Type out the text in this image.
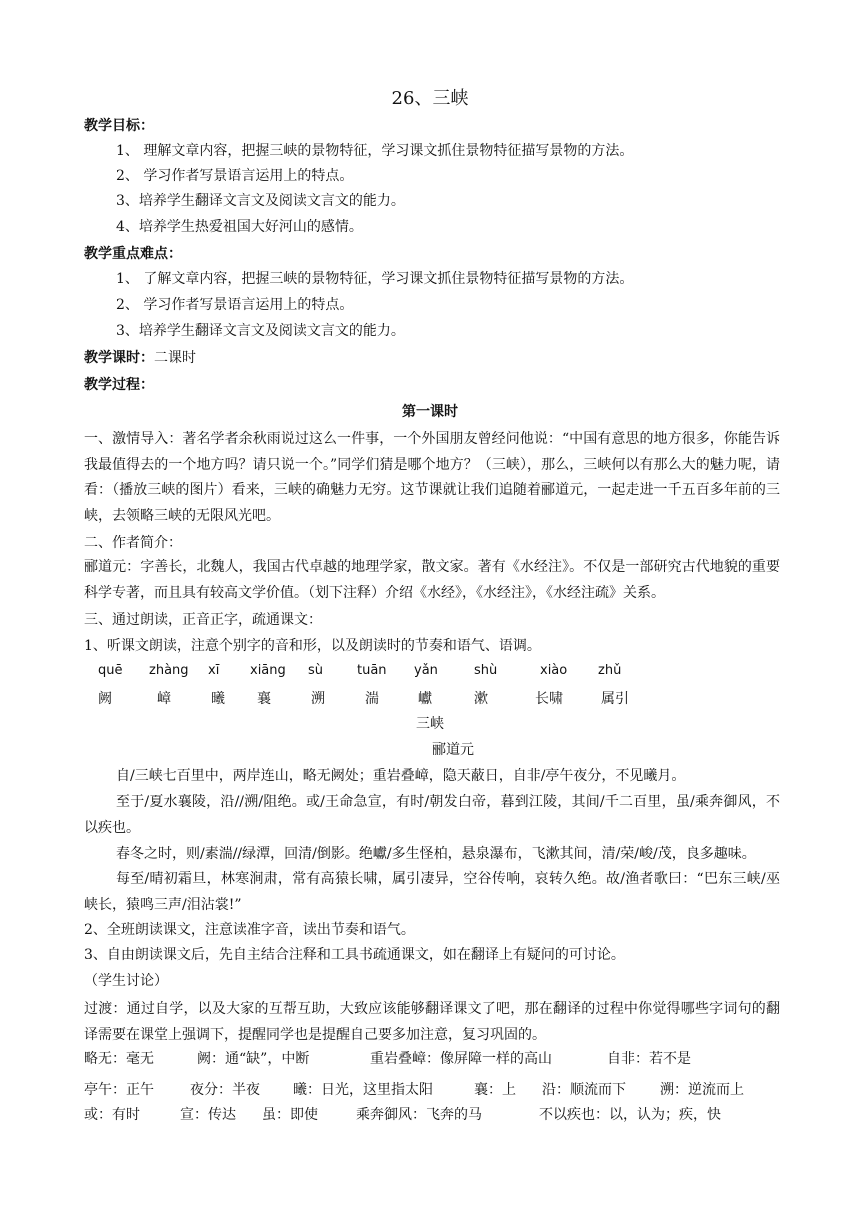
26、三峡
教学目标：
1、 理解文章内容，把握三峡的景物特征，学习课文抓住景物特征描写景物的方法。
2、 学习作者写景语言运用上的特点。
3、培养学生翻译文言文及阅读文言文的能力。
4、培养学生热爱祖国大好河山的感情。
教学重点难点：
1、 了解文章内容，把握三峡的景物特征，学习课文抓住景物特征描写景物的方法。
2、 学习作者写景语言运用上的特点。
3、培养学生翻译文言文及阅读文言文的能力。
教学课时：二课时
教学过程：
第一课时
一、激情导入：著名学者余秋雨说过这么一件事，一个外国朋友曾经问他说：“中国有意思的地方很多，你能告诉我最值得去的一个地方吗？请只说一个。”同学们猜是哪个地方？（三峡），那么，三峡何以有那么大的魅力呢，请看：（播放三峡的图片）看来，三峡的确魅力无穷。这节课就让我们追随着郦道元，一起走进一千五百多年前的三峡，去领略三峡的无限风光吧。
二、作者简介：
郦道元：字善长，北魏人，我国古代卓越的地理学家，散文家。著有《水经注》。不仅是一部研究古代地貌的重要科学专著，而且具有较高文学价值。（划下注释）介绍《水经》，《水经注》，《水经注疏》关系。
三、通过朗读，正音正字，疏通课文：
1、听课文朗读，注意个别字的音和形，以及朗读时的节奏和语气、语调。
quē zhàng xī xiāng sù	tuān yǎn	shù	xiào zhǔ
阙	嶂	曦 襄	溯	湍	巘	漱	长啸	属引
三峡
郦道元
自/三峡七百里中，两岸连山，略无阙处；重岩叠嶂，隐天蔽日，自非/亭午夜分，不见曦月。
至于/夏水襄陵，沿//溯/阻绝。或/王命急宣，有时/朝发白帝，暮到江陵，其间/千二百里，虽/乘奔御风，不以疾也。
春冬之时，则/素湍//绿潭，回清/倒影。绝巘/多生怪柏，悬泉瀑布，飞漱其间，清/荣/峻/茂，良多趣味。
每至/晴初霜旦，林寒涧肃，常有高猿长啸，属引凄异，空谷传响，哀转久绝。故/渔者歌曰：“巴东三峡/巫峡长，猿鸣三声/泪沾裳!”
2、全班朗读课文，注意读准字音，读出节奏和语气。
3、自由朗读课文后，先自主结合注释和工具书疏通课文，如在翻译上有疑问的可讨论。
（学生讨论）
过渡：通过自学，以及大家的互帮互助，大致应该能够翻译课文了吧，那在翻译的过程中你觉得哪些字词句的翻译需要在课堂上强调下，提醒同学也是提醒自己要多加注意，复习巩固的。
略无：毫无	阙：通“缺”，中断	重岩叠嶂：像屏障一样的高山	自非：若不是
亭午：正午	夜分：半夜 曦：日光，这里指太阳	襄：上 沿：顺流而下 溯：逆流而上
或：有时	宣：传达 虽：即使	乘奔御风：飞奔的马	不以疾也：以，认为；疾，快
